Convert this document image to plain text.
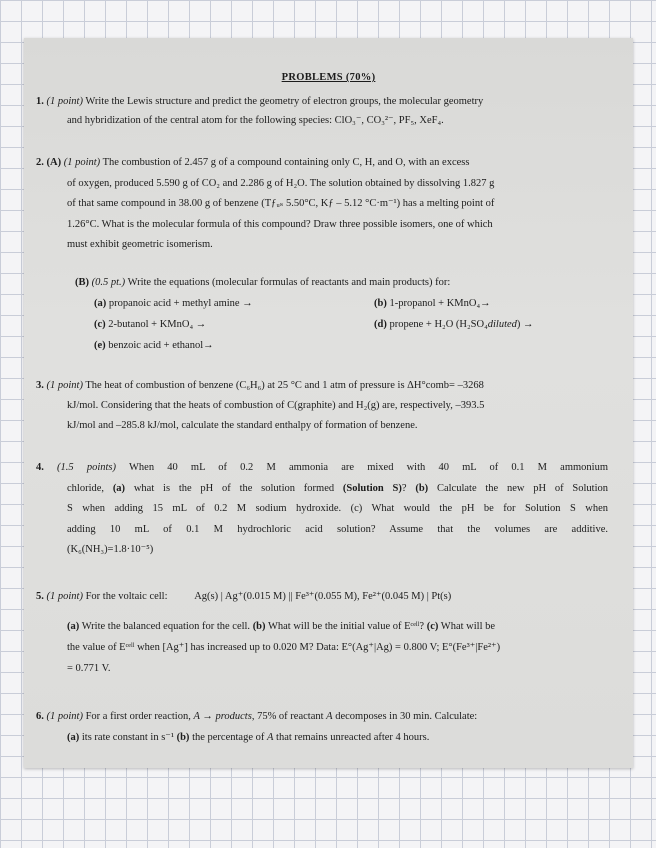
PROBLEMS (70%)
1. (1 point) Write the Lewis structure and predict the geometry of electron groups, the molecular geometry
and hybridization of the central atom for the following species: ClO₃⁻, CO₃²⁻, PF₅, XeF₄.
2. (A) (1 point) The combustion of 2.457 g of a compound containing only C, H, and O, with an excess
of oxygen, produced 5.590 g of CO₂ and 2.286 g of H₂O. The solution obtained by dissolving 1.827 g
of that same compound in 38.00 g of benzene (Tƒᵤₛ 5.50°C, Kƒ – 5.12 °C·m⁻¹) has a melting point of
1.26°C. What is the molecular formula of this compound? Draw three possible isomers, one of which
must exhibit geometric isomerism.
(B) (0.5 pt.) Write the equations (molecular formulas of reactants and main products) for:
(a) propanoic acid + methyl amine →	(b) 1-propanol + KMnO₄→
(c) 2-butanol + KMnO₄ →	(d) propene + H₂O (H₂SO₄diluted) →
(e) benzoic acid + ethanol→
3. (1 point) The heat of combustion of benzene (C₆H₆) at 25 °C and 1 atm of pressure is ΔH°comb= –3268
kJ/mol. Considering that the heats of combustion of C(graphite) and H₂(g) are, respectively, –393.5
kJ/mol and –285.8 kJ/mol, calculate the standard enthalpy of formation of benzene.
4. (1.5 points) When 40 mL of 0.2 M ammonia are mixed with 40 mL of 0.1 M ammonium
chloride, (a) what is the pH of the solution formed (Solution S)? (b) Calculate the new pH of Solution
S when adding 15 mL of 0.2 M sodium hydroxide. (c) What would the pH be for Solution S when
adding 10 mL of 0.1 M hydrochloric acid solution? Assume that the volumes are additive.
(K₆(NH₃)=1.8·10⁻⁵)
5. (1 point) For the voltaic cell:	Ag(s) | Ag⁺(0.015 M) || Fe³⁺(0.055 M), Fe²⁺(0.045 M) | Pt(s)
(a) Write the balanced equation for the cell. (b) What will be the initial value of Eᶜᵉˡˡ? (c) What will be
the value of Eᶜᵉˡˡ when [Ag⁺] has increased up to 0.020 M? Data: E°(Ag⁺|Ag) = 0.800 V; E°(Fe³⁺|Fe²⁺)
= 0.771 V.
6. (1 point) For a first order reaction, A → products, 75% of reactant A decomposes in 30 min. Calculate:
(a) its rate constant in s⁻¹ (b) the percentage of A that remains unreacted after 4 hours.
